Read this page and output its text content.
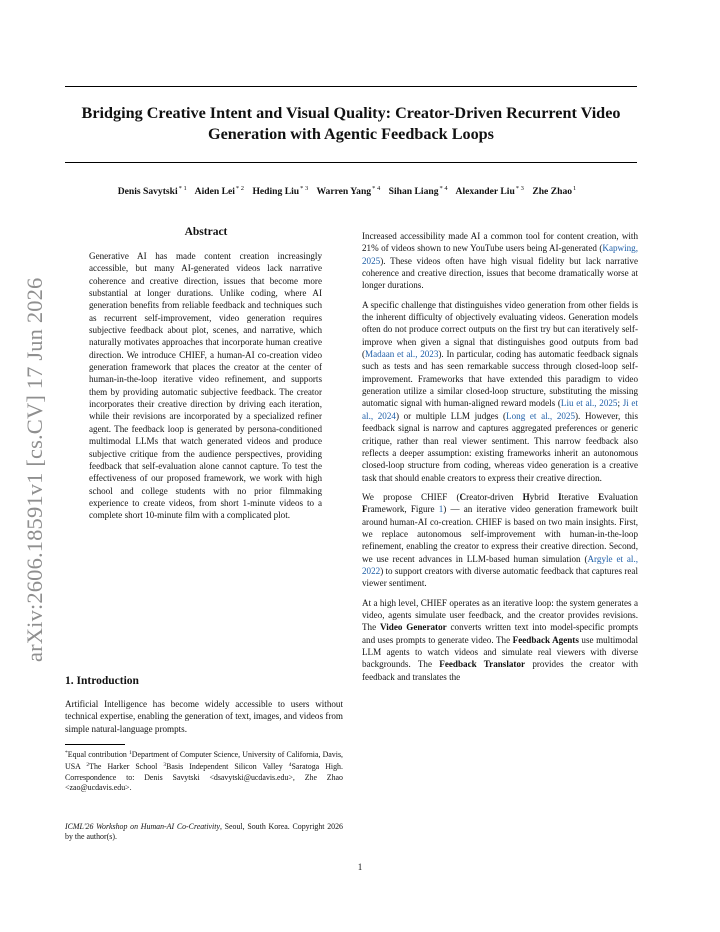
Bridging Creative Intent and Visual Quality: Creator-Driven Recurrent Video
Generation with Agentic Feedback Loops
Denis Savytski$^{* 1}$ Aiden Lei$^{* 2}$ Heding Liu$^{* 3}$ Warren Yang$^{* 4}$ Sihan Liang$^{* 4}$ Alexander Liu$^{* 3}$ Zhe Zhao$^1$
arXiv:2606.18591v1 [cs.CV] 17 Jun 2026
Abstract
Generative AI has made content creation increasingly accessible, but many AI-generated videos lack narrative coherence and creative direction, issues that become more substantial at longer durations. Unlike coding, where AI generation benefits from reliable feedback and techniques such as recurrent self-improvement, video generation requires subjective feedback about plot, scenes, and narrative, which naturally motivates approaches that incorporate human creative direction. We introduce CHIEF, a human-AI co-creation video generation framework that places the creator at the center of human-in-the-loop iterative video refinement, and supports them by providing automatic subjective feedback. The creator incorporates their creative direction by driving each iteration, while their revisions are incorporated by a specialized refiner agent. The feedback loop is generated by persona-conditioned multimodal LLMs that watch generated videos and produce subjective critique from the audience perspectives, providing feedback that self-evaluation alone cannot capture. To test the effectiveness of our proposed framework, we work with high school and college students with no prior filmmaking experience to create videos, from short 1-minute videos to a complete short 10-minute film with a complicated plot.
1. Introduction
Artificial Intelligence has become widely accessible to users without technical expertise, enabling the generation of text, images, and videos from simple natural-language prompts.
*Equal contribution $^1$Department of Computer Science, University of California, Davis, USA $^2$The Harker School $^3$Basis Independent Silicon Valley $^4$Saratoga High. Correspondence to: Denis Savytski <dsavytski@ucdavis.edu>, Zhe Zhao <zao@ucdavis.edu>.
ICML'26 Workshop on Human-AI Co-Creativity, Seoul, South Korea. Copyright 2026 by the author(s).

Increased accessibility made AI a common tool for content creation, with 21% of videos shown to new YouTube users being AI-generated (Kapwing, 2025). These videos often have high visual fidelity but lack narrative coherence and creative direction, issues that become dramatically worse at longer durations.

A specific challenge that distinguishes video generation from other fields is the inherent difficulty of objectively evaluating videos. Generation models often do not produce correct outputs on the first try but can iteratively self-improve when given a signal that distinguishes good outputs from bad (Madaan et al., 2023). In particular, coding has automatic feedback signals such as tests and has seen remarkable success through closed-loop self-improvement. Frameworks that have extended this paradigm to video generation utilize a similar closed-loop structure, substituting the missing automatic signal with human-aligned reward models (Liu et al., 2025; Ji et al., 2024) or multiple LLM judges (Long et al., 2025). However, this feedback signal is narrow and captures aggregated preferences or generic critique, rather than real viewer sentiment. This narrow feedback also reflects a deeper assumption: existing frameworks inherit an autonomous closed-loop structure from coding, whereas video generation is a creative task that should enable creators to express their creative direction.

We propose CHIEF (Creator-driven Hybrid Iterative Evaluation Framework, Figure 1) — an iterative video generation framework built around human-AI co-creation. CHIEF is based on two main insights. First, we replace autonomous self-improvement with human-in-the-loop refinement, enabling the creator to express their creative direction. Second, we use recent advances in LLM-based human simulation (Argyle et al., 2022) to support creators with diverse automatic feedback that captures real viewer sentiment.

At a high level, CHIEF operates as an iterative loop: the system generates a video, agents simulate user feedback, and the creator provides revisions. The Video Generator converts written text into model-specific prompts and uses prompts to generate video. The Feedback Agents use multimodal LLM agents to watch videos and simulate real viewers with diverse backgrounds. The Feedback Translator provides the creator with feedback and translates the

1
